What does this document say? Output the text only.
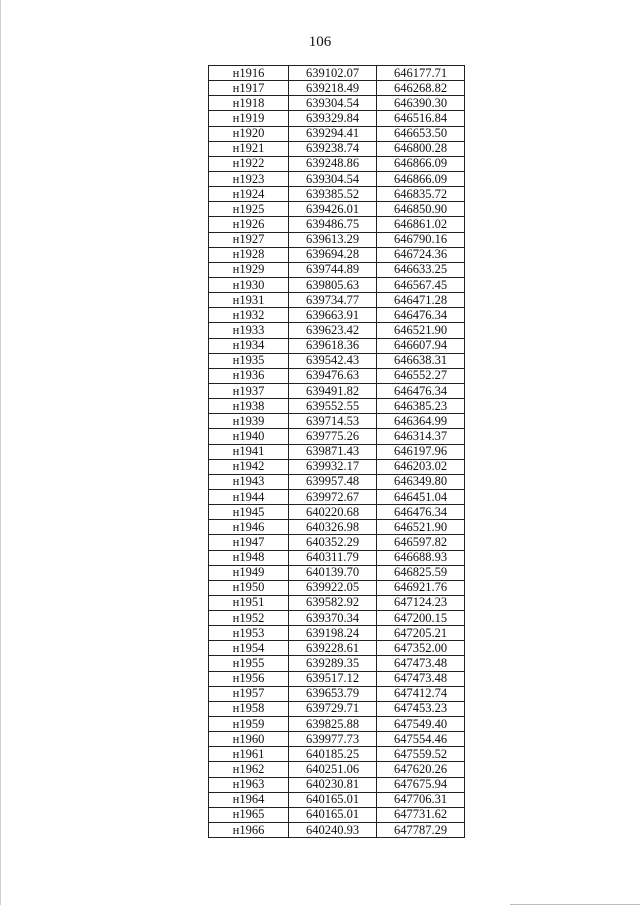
106
н1916	639102.07	646177.71
н1917	639218.49	646268.82
н1918	639304.54	646390.30
н1919	639329.84	646516.84
н1920	639294.41	646653.50
н1921	639238.74	646800.28
н1922	639248.86	646866.09
н1923	639304.54	646866.09
н1924	639385.52	646835.72
н1925	639426.01	646850.90
н1926	639486.75	646861.02
н1927	639613.29	646790.16
н1928	639694.28	646724.36
н1929	639744.89	646633.25
н1930	639805.63	646567.45
н1931	639734.77	646471.28
н1932	639663.91	646476.34
н1933	639623.42	646521.90
н1934	639618.36	646607.94
н1935	639542.43	646638.31
н1936	639476.63	646552.27
н1937	639491.82	646476.34
н1938	639552.55	646385.23
н1939	639714.53	646364.99
н1940	639775.26	646314.37
н1941	639871.43	646197.96
н1942	639932.17	646203.02
н1943	639957.48	646349.80
н1944	639972.67	646451.04
н1945	640220.68	646476.34
н1946	640326.98	646521.90
н1947	640352.29	646597.82
н1948	640311.79	646688.93
н1949	640139.70	646825.59
н1950	639922.05	646921.76
н1951	639582.92	647124.23
н1952	639370.34	647200.15
н1953	639198.24	647205.21
н1954	639228.61	647352.00
н1955	639289.35	647473.48
н1956	639517.12	647473.48
н1957	639653.79	647412.74
н1958	639729.71	647453.23
н1959	639825.88	647549.40
н1960	639977.73	647554.46
н1961	640185.25	647559.52
н1962	640251.06	647620.26
н1963	640230.81	647675.94
н1964	640165.01	647706.31
н1965	640165.01	647731.62
н1966	640240.93	647787.29
